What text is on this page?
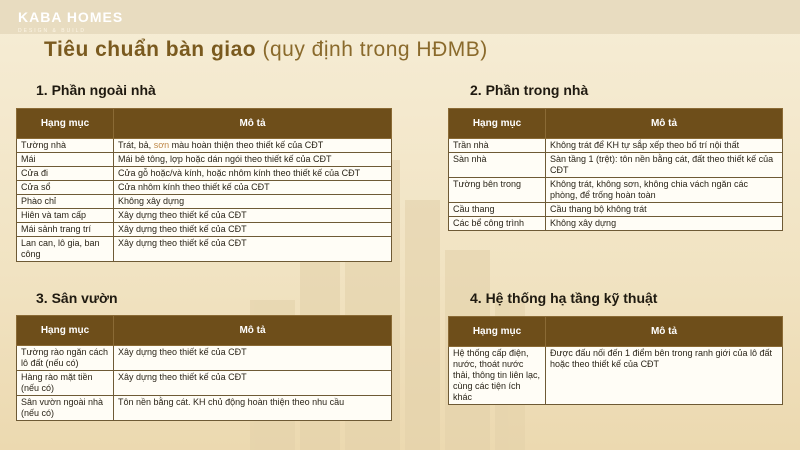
KABA HOMES
DESIGN & BUILD
Tiêu chuẩn bàn giao (quy định trong HĐMB)
1. Phần ngoài nhà
Hạng mục	Mô tả
Tường nhà	Trát, bả, sơn màu hoàn thiện theo thiết kế của CĐT
Mái	Mái bê tông, lợp hoặc dán ngói theo thiết kế của CĐT
Cửa đi	Cửa gỗ hoặc/và kính, hoặc nhôm kính theo thiết kế của CĐT
Cửa sổ	Cửa nhôm kính theo thiết kế của CĐT
Phào chỉ	Không xây dựng
Hiên và tam cấp	Xây dựng theo thiết kế của CĐT
Mái sảnh trang trí	Xây dựng theo thiết kế của CĐT
Lan can, lô gia, ban công	Xây dựng theo thiết kế của CĐT
2. Phần trong nhà
Hạng mục	Mô tả
Trần nhà	Không trát để KH tự sắp xếp theo bố trí nội thất
Sàn nhà	Sàn tầng 1 (trệt): tôn nền bằng cát, đất theo thiết kế của CĐT
Tường bên trong	Không trát, không sơn, không chia vách ngăn các phòng, để trống hoàn toàn
Cầu thang	Cầu thang bộ không trát
Các bể công trình	Không xây dựng
3. Sân vườn
Hạng mục	Mô tả
Tường rào ngăn cách lô đất (nếu có)	Xây dựng theo thiết kế của CĐT
Hàng rào mặt tiền (nếu có)	Xây dựng theo thiết kế của CĐT
Sân vườn ngoài nhà (nếu có)	Tôn nền bằng cát. KH chủ động hoàn thiện theo nhu cầu
4. Hệ thống hạ tầng kỹ thuật
Hạng mục	Mô tả
Hệ thống cấp điện, nước, thoát nước thải, thông tin liên lạc, cùng các tiện ích khác	Được đấu nối đến 1 điểm bên trong ranh giới của lô đất hoặc theo thiết kế của CĐT
